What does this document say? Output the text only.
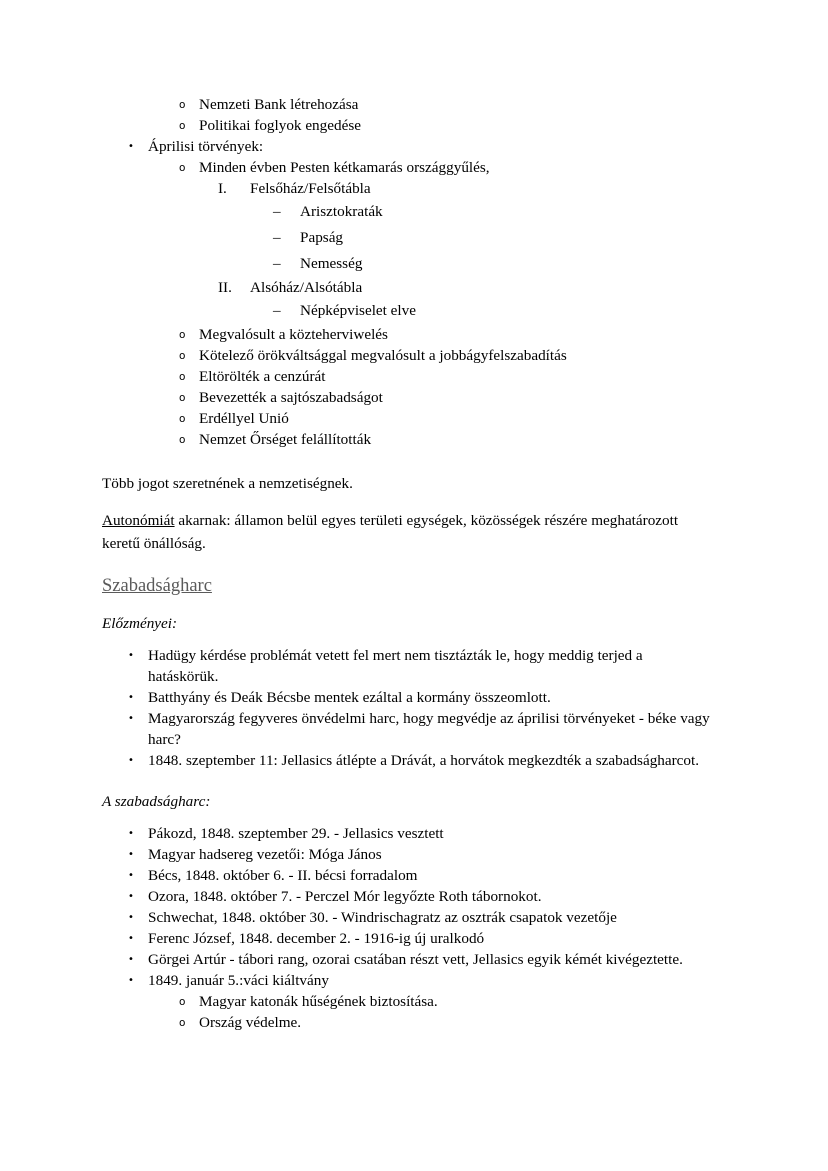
o Nemzeti Bank létrehozása
o Politikai foglyok engedése
• Áprilisi törvények:
o Minden évben Pesten kétkamarás országgyűlés,
I. Felsőház/Felsőtábla
– Arisztokraták
– Papság
– Nemesség
II. Alsóház/Alsótábla
– Népképviselet elve
o Megvalósult a közteherviwelés
o Kötelező örökváltsággal megvalósult a jobbágyfelszabadítás
o Eltörölték a cenzúrát
o Bevezették a sajtószabadságot
o Erdéllyel Unió
o Nemzet Őrséget felállították

Több jogot szeretnének a nemzetiségnek.

Autonómiát akarnak: államon belül egyes területi egységek, közösségek részére meghatározott keretű önállóság.

Szabadságharc

Előzményei:

• Hadügy kérdése problémát vetett fel mert nem tisztázták le, hogy meddig terjed a hatáskörük.
• Batthyány és Deák Bécsbe mentek ezáltal a kormány összeomlott.
• Magyarország fegyveres önvédelmi harc, hogy megvédje az áprilisi törvényeket - béke vagy harc?
• 1848. szeptember 11: Jellasics átlépte a Drávát, a horvátok megkezdték a szabadságharcot.

A szabadságharc:

• Pákozd, 1848. szeptember 29. - Jellasics vesztett
• Magyar hadsereg vezetői: Móga János
• Bécs, 1848. október 6. - II. bécsi forradalom
• Ozora, 1848. október 7. - Perczel Mór legyőzte Roth tábornokot.
• Schwechat, 1848. október 30. - Windrischagratz az osztrák csapatok vezetője
• Ferenc József, 1848. december 2. - 1916-ig új uralkodó
• Görgei Artúr - tábori rang, ozorai csatában részt vett, Jellasics egyik kémét kivégeztette.
• 1849. január 5.:váci kiáltvány
o Magyar katonák hűségének biztosítása.
o Ország védelme.
